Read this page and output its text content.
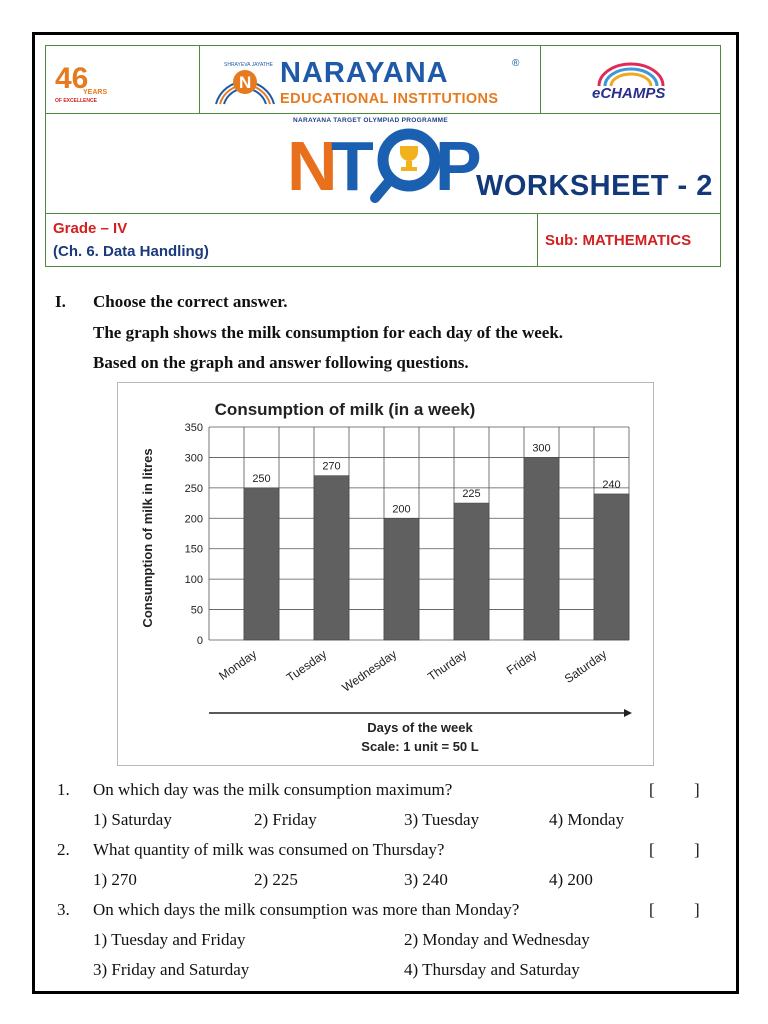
46
YEARS
OF EXCELLENCE
N
SHRAYEVA JAYATHE NARAYANA	®
EDUCATIONAL INSTITUTIONS	eCHAMPS
NARAYANA TARGET OLYMPIAD PROGRAMME
N
T P
WORKSHEET - 2
Grade – IV
(Ch. 6. Data Handling)
Sub: MATHEMATICS
I. Choose the correct answer.
The graph shows the milk consumption for each day of the week.
Based on the graph and answer following questions.
0
50
100
150
200
250
300
350
250
Monday
270
Tuesday
200
Wednesday
225
Thurday
300
Friday
240
Saturday
Consumption of milk (in a week)
Consumption of milk in litres
Days of the week
Scale: 1 unit = 50 L
1. On which day was the milk consumption maximum?	[ ]
1) Saturday	2) Friday	3) Tuesday	4) Monday
2. What quantity of milk was consumed on Thursday?	[ ]
1) 270	2) 225	3) 240	4) 200
3. On which days the milk consumption was more than Monday?	[ ]
1) Tuesday and Friday	2) Monday and Wednesday
3) Friday and Saturday	4) Thursday and Saturday
